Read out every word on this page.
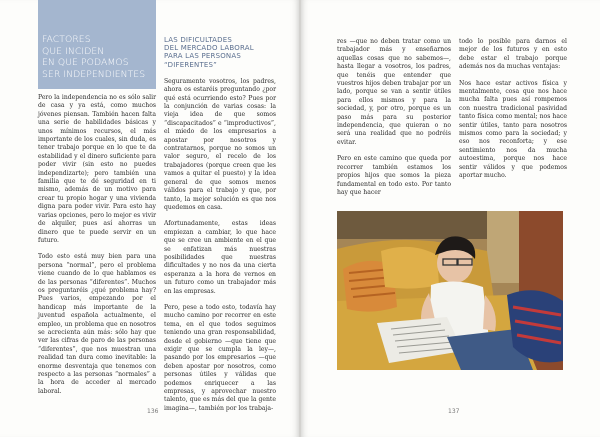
FACTORES
QUE INCIDEN
EN QUE PODAMOS
SER INDEPENDIENTES

Pero la independencia no es sólo salir de casa y ya está, como muchos jóvenes piensan. También hacen falta una serie de habilidades básicas y unos mínimos recursos, el más importante de los cuales, sin duda, es tener trabajo porque en lo que te da estabilidad y el dinero suficiente para poder vivir (sin esto no puedes independizarte); pero también una familia que te dé seguridad en ti mismo, además de un motivo para crear tu propio hogar y una vivienda digna para poder vivir. Para esto hay varias opciones, pero lo mejor es vivir de alquiler, pues así ahorras un dinero que te puede servir en un futuro.

Todo esto está muy bien para una persona “normal”, pero el problema viene cuando de lo que hablamos es de las personas “diferentes”. Muchos os preguntaréis ¿qué problema hay? Pues varios, empezando por el handicap más importante de la juventud española actualmente, el empleo, un problema que en nosotros se acrecienta aún más: sólo hay que ver las cifras de paro de las personas “diferentes”, que nos muestran una realidad tan dura como inevitable: la enorme desventaja que tenemos con respecto a las personas “normales” a la hora de acceder al mercado laboral.

LAS DIFICULTADES
DEL MERCADO LABORAL
PARA LAS PERSONAS
“DIFERENTES”

Seguramente vosotros, los padres, ahora os estaréis preguntando ¿por qué está ocurriendo esto? Pues por la conjunción de varias cosas: la vieja idea de que somos “discapacitados” e “improductivos”, el miedo de los empresarios a apostar por nosotros y contratarnos, porque no somos un valor seguro, el recelo de los trabajadores (porque creen que les vamos a quitar el puesto) y la idea general de que somos menos válidos para el trabajo y que, por tanto, la mejor solución es que nos quedemos en casa.

Afortunadamente, estas ideas empiezan a cambiar, lo que hace que se cree un ambiente en el que se enfatizan más nuestras posibilidades que nuestras dificultades y no nos da una cierta esperanza a la hora de vernos en un futuro como un trabajador más en las empresas.

Pero, pese a todo esto, todavía hay mucho camino por recorrer en este tema, en el que todos seguimos teniendo una gran responsabilidad, desde el gobierno —que tiene que exigir que se cumpla la ley—, pasando por los empresarios —que deben apostar por nosotros, como personas útiles y válidas que podemos enriquecer a las empresas, y aprovechar nuestro talento, que es más del que la gente imagina—, también por los trabaja-

136

res —que no deben tratar como un trabajador más y enseñarnos aquellas cosas que no sabemos—, hasta llegar a vosotros, los padres, que tenéis que entender que vuestros hijos deben trabajar por un lado, porque se van a sentir útiles para ellos mismos y para la sociedad, y, por otro, porque es un paso más para su posterior independencia, que quieran o no será una realidad que no podréis evitar.

Pero en este camino que queda por recorrer también estamos los propios hijos que somos la pieza fundamental en todo esto. Por tanto hay que hacer

todo lo posible para darnos el mejor de los futuros y en esto debe estar el trabajo porque además nos da muchas ventajas:

Nos hace estar activos física y mentalmente, cosa que nos hace mucha falta pues así rompemos con nuestra tradicional pasividad tanto física como mental; nos hace sentir útiles, tanto para nosotros mismos como para la sociedad; y eso nos reconforta; y ese sentimiento nos da mucha autoestima, porque nos hace sentir válidos y que podemos aportar mucho.

137
